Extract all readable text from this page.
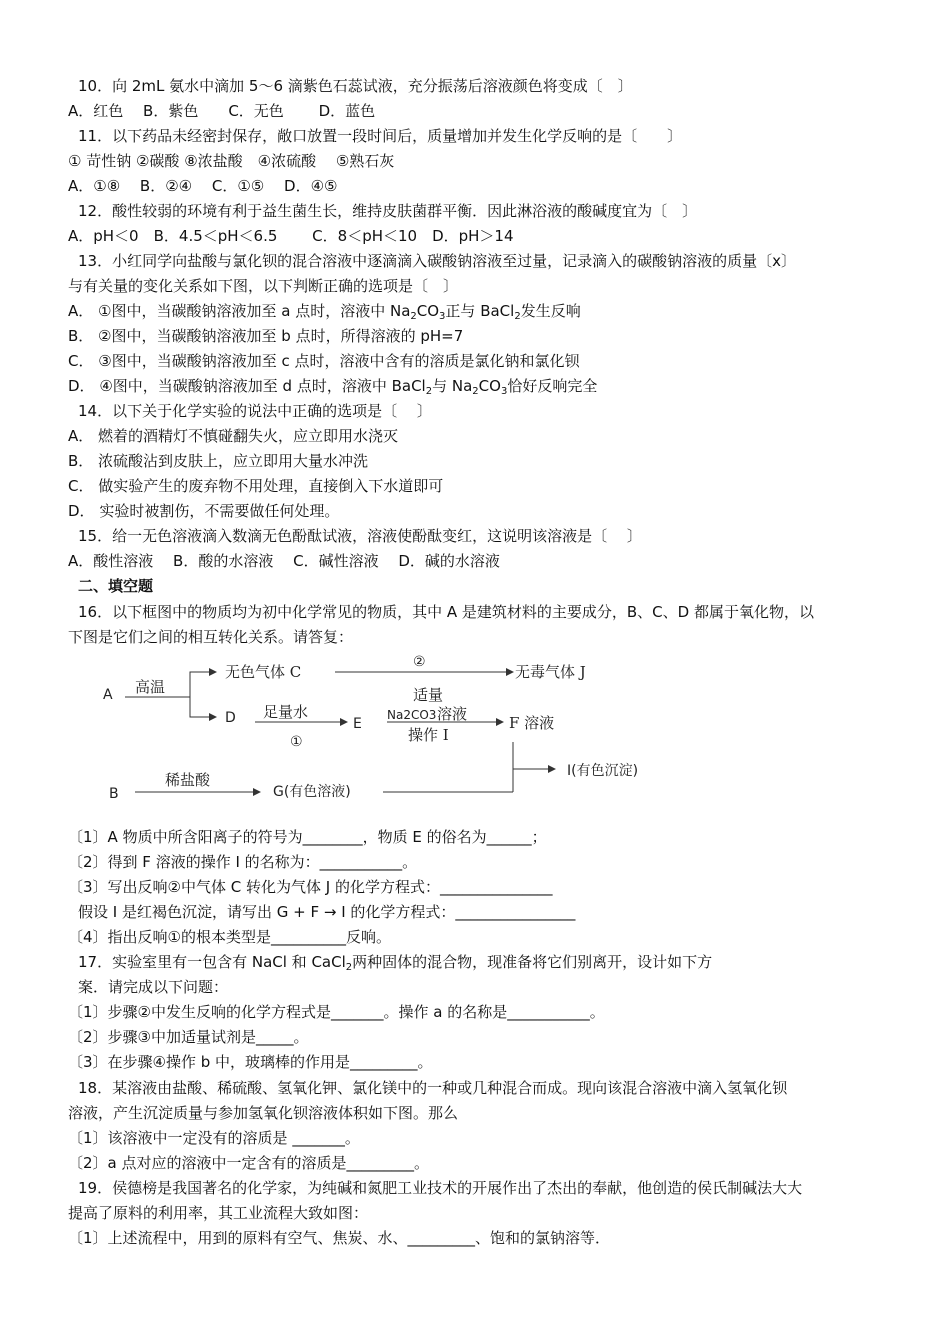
10．向 2mL 氨水中滴加 5～6 滴紫色石蕊试液，充分振荡后溶液颜色将变成〔　〕
A．红色　 B．紫色　　C．无色　　 D．蓝色
11．以下药品未经密封保存，敞口放置一段时间后，质量增加并发生化学反响的是〔　　〕
① 苛性钠 ②碳酸 ⑧浓盐酸　④浓硫酸　 ⑤熟石灰
A．①⑧　 B．②④　 C．①⑤　 D．④⑤
12．酸性较弱的环境有利于益生菌生长，维持皮肤菌群平衡．因此淋浴液的酸碱度宜为〔　〕
A．pH＜0　B．4.5＜pH＜6.5　　 C．8＜pH＜10　D．pH＞14
13．小红同学向盐酸与氯化钡的混合溶液中逐滴滴入碳酸钠溶液至过量，记录滴入的碳酸钠溶液的质量〔x〕
与有关量的变化关系如下图，以下判断正确的选项是〔　〕
A． ①图中，当碳酸钠溶液加至 a 点时，溶液中 $Na_2CO_3$正与 BaCl$_2$发生反响
B． ②图中，当碳酸钠溶液加至 b 点时，所得溶液的 pH=7
C． ③图中，当碳酸钠溶液加至 c 点时，溶液中含有的溶质是氯化钠和氯化钡
D． ④图中，当碳酸钠溶液加至 d 点时，溶液中 BaCl$_2$与 $Na_2CO_3$恰好反响完全
14．以下关于化学实验的说法中正确的选项是〔　 〕
A． 燃着的酒精灯不慎碰翻失火，应立即用水浇灭
B． 浓硫酸沾到皮肤上，应立即用大量水冲洗
C． 做实验产生的废弃物不用处理，直接倒入下水道即可
D． 实验时被割伤，不需要做任何处理。
15．给一无色溶液滴入数滴无色酚酞试液，溶液使酚酞变红，这说明该溶液是〔　 〕
A．酸性溶液　 B．酸的水溶液　 C．碱性溶液　 D．碱的水溶液
二、填空题
16．以下框图中的物质均为初中化学常见的物质，其中 A 是建筑材料的主要成分，B、C、D 都属于氧化物，以
下图是它们之间的相互转化关系。请答复：
A 高温
无色气体 C
②
无毒气体 J
D 足量水
①
E
适量
Na2CO3 溶液
操作 Ⅰ
F 溶液
I(有色沉淀)
B
稀盐酸
G(有色溶液)
〔1〕A 物质中所含阳离子的符号为________，物质 E 的俗名为______；
〔2〕得到 F 溶液的操作 Ⅰ 的名称为：___________。
〔3〕写出反响②中气体 C 转化为气体 J 的化学方程式：_______________
假设 I 是红褐色沉淀，请写出 G + F → I 的化学方程式：________________
〔4〕指出反响①的根本类型是__________反响。
17．实验室里有一包含有 NaCl 和 CaCl$_2$两种固体的混合物，现准备将它们别离开，设计如下方
案．请完成以下问题：
〔1〕步骤②中发生反响的化学方程式是_______。操作 a 的名称是___________。
〔2〕步骤③中加适量试剂是_____。
〔3〕在步骤④操作 b 中，玻璃棒的作用是_________。
18．某溶液由盐酸、稀硫酸、氢氧化钾、氯化镁中的一种或几种混合而成。现向该混合溶液中滴入氢氧化钡
溶液，产生沉淀质量与参加氢氧化钡溶液体积如下图。那么
〔1〕该溶液中一定没有的溶质是 _______。
〔2〕a 点对应的溶液中一定含有的溶质是_________。
19．侯德榜是我国著名的化学家，为纯碱和氮肥工业技术的开展作出了杰出的奉献，他创造的侯氏制碱法大大
提高了原料的利用率，其工业流程大致如图：
〔1〕上述流程中，用到的原料有空气、焦炭、水、_________、饱和的氯钠溶等．
